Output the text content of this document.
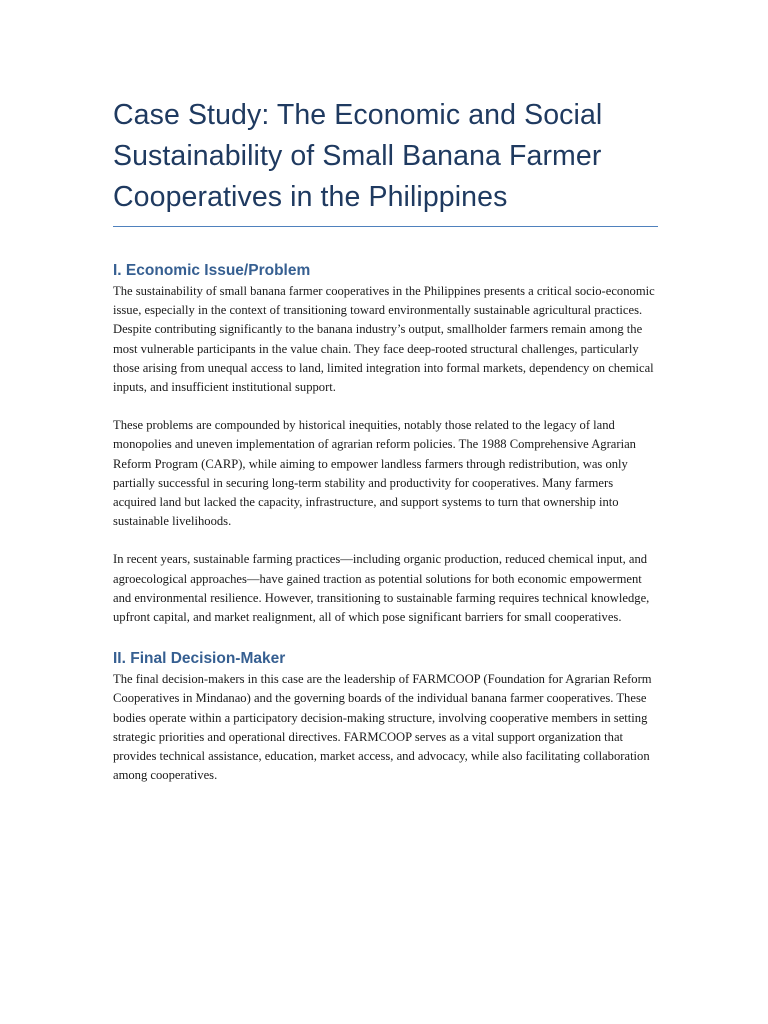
Case Study: The Economic and Social Sustainability of Small Banana Farmer Cooperatives in the Philippines
I. Economic Issue/Problem

The sustainability of small banana farmer cooperatives in the Philippines presents a critical socio-economic issue, especially in the context of transitioning toward environmentally sustainable agricultural practices. Despite contributing significantly to the banana industry’s output, smallholder farmers remain among the most vulnerable participants in the value chain. They face deep-rooted structural challenges, particularly those arising from unequal access to land, limited integration into formal markets, dependency on chemical inputs, and insufficient institutional support.

These problems are compounded by historical inequities, notably those related to the legacy of land monopolies and uneven implementation of agrarian reform policies. The 1988 Comprehensive Agrarian Reform Program (CARP), while aiming to empower landless farmers through redistribution, was only partially successful in securing long-term stability and productivity for cooperatives. Many farmers acquired land but lacked the capacity, infrastructure, and support systems to turn that ownership into sustainable livelihoods.

In recent years, sustainable farming practices—including organic production, reduced chemical input, and agroecological approaches—have gained traction as potential solutions for both economic empowerment and environmental resilience. However, transitioning to sustainable farming requires technical knowledge, upfront capital, and market realignment, all of which pose significant barriers for small cooperatives.

II. Final Decision-Maker

The final decision-makers in this case are the leadership of FARMCOOP (Foundation for Agrarian Reform Cooperatives in Mindanao) and the governing boards of the individual banana farmer cooperatives. These bodies operate within a participatory decision-making structure, involving cooperative members in setting strategic priorities and operational directives. FARMCOOP serves as a vital support organization that provides technical assistance, education, market access, and advocacy, while also facilitating collaboration among cooperatives.
